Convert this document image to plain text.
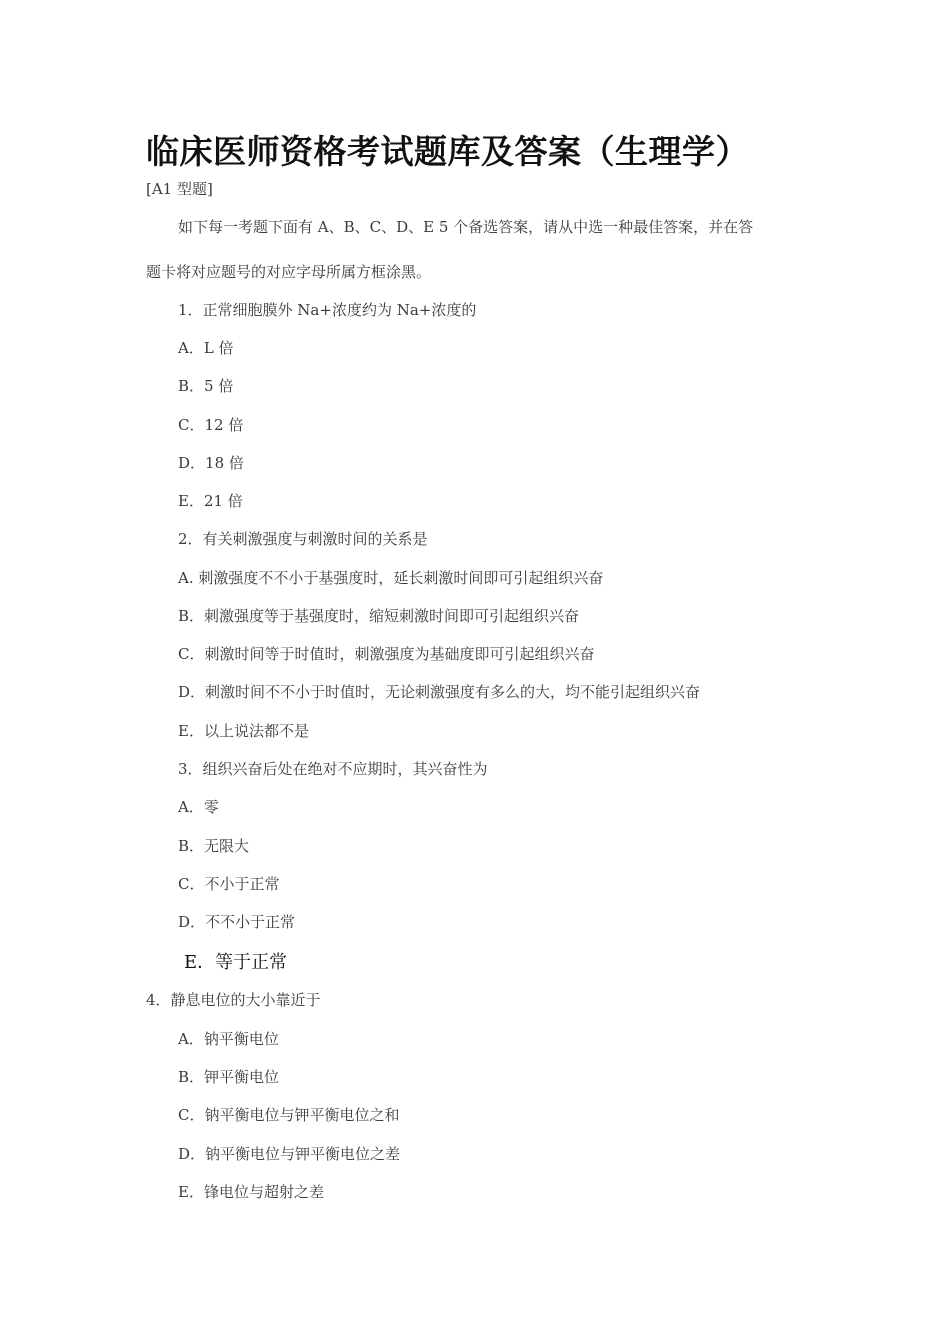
临床医师资格考试题库及答案（生理学）
[A1 型题]
如下每一考题下面有 A、B、C、D、E 5 个备选答案，请从中选一种最佳答案，并在答
题卡将对应题号的对应字母所属方框涂黑。
1．正常细胞膜外 Na+浓度约为 Na+浓度的
A．L 倍
B．5 倍
C．12 倍
D．18 倍
E．21 倍
2．有关刺激强度与刺激时间的关系是
A. 刺激强度不不小于基强度时，延长刺激时间即可引起组织兴奋
B．刺激强度等于基强度时，缩短刺激时间即可引起组织兴奋
C．刺激时间等于时值时，刺激强度为基础度即可引起组织兴奋
D．刺激时间不不小于时值时，无论刺激强度有多么的大，均不能引起组织兴奋
E．以上说法都不是
3．组织兴奋后处在绝对不应期时，其兴奋性为
A．零
B．无限大
C．不小于正常
D．不不小于正常
E．等于正常
4．静息电位的大小靠近于
A．钠平衡电位
B．钾平衡电位
C．钠平衡电位与钾平衡电位之和
D．钠平衡电位与钾平衡电位之差
E．锋电位与超射之差
